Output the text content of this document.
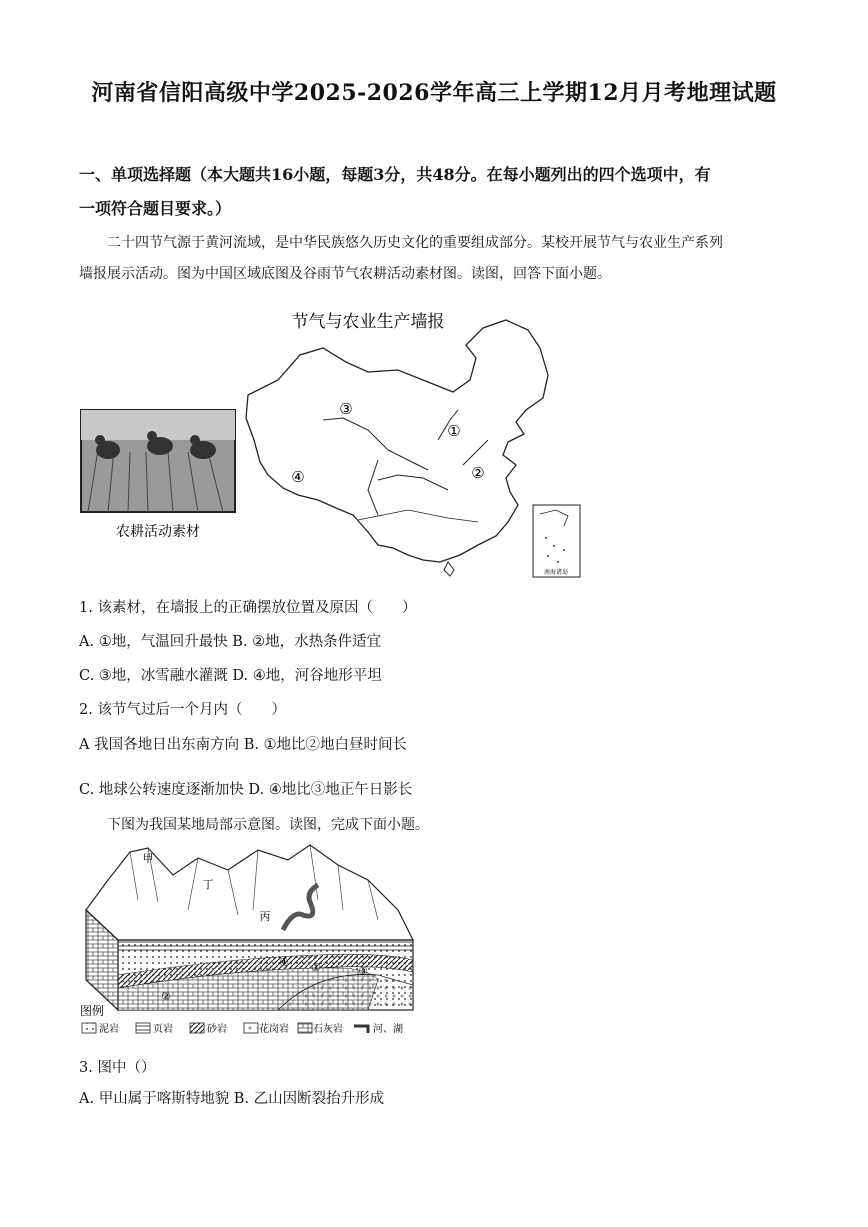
河南省信阳高级中学2025-2026学年高三上学期12月月考地理试题
一、单项选择题（本大题共16小题，每题3分，共48分。在每小题列出的四个选项中，有
一项符合题目要求。）
二十四节气源于黄河流域，是中华民族悠久历史文化的重要组成部分。某校开展节气与农业生产系列
墙报展示活动。图为中国区域底图及谷雨节气农耕活动素材图。读图，回答下面小题。
节气与农业生产墙报
农耕活动素材
③
①
④	②
南海诸岛
1. 该素材，在墙报上的正确摆放位置及原因（　　）
A. ①地，气温回升最快 B. ②地，水热条件适宜
C. ③地，冰雪融水灌溉 D. ④地，河谷地形平坦
2. 该节气过后一个月内（　　）
A 我国各地日出东南方向 B. ①地比②地白昼时间长
C. 地球公转速度逐渐加快 D. ④地比③地正午日影长
下图为我国某地局部示意图。读图，完成下面小题。
甲
丁
丙
①
②
③
④
图例
泥岩	页岩	砂岩	花岗岩 石灰岩	河、湖
3. 图中（）
A. 甲山属于喀斯特地貌 B. 乙山因断裂抬升形成
